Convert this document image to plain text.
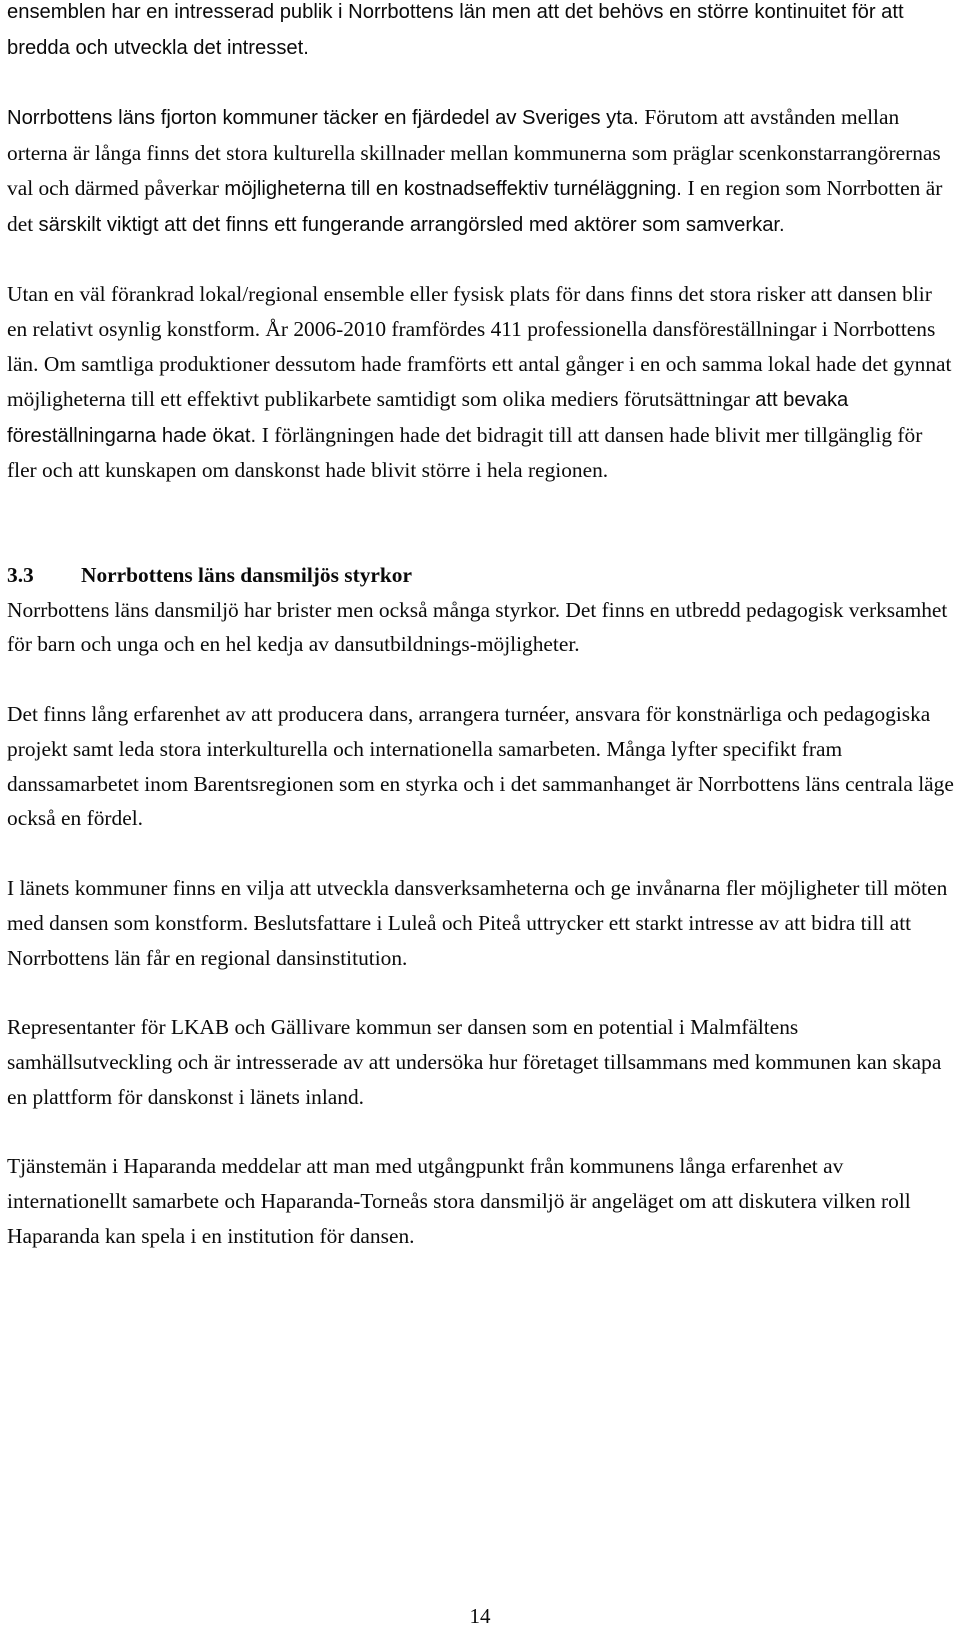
ensemblen har en intresserad publik i Norrbottens län men att det behövs en större kontinuitet för att bredda och utveckla det intresset.

Norrbottens läns fjorton kommuner täcker en fjärdedel av Sveriges yta. Förutom att avstånden mellan orterna är långa finns det stora kulturella skillnader mellan kommunerna som präglar scenkonstarrangörernas val och därmed påverkar möjligheterna till en kostnadseffektiv turnéläggning. I en region som Norrbotten är det särskilt viktigt att det finns ett fungerande arrangörsled med aktörer som samverkar.

Utan en väl förankrad lokal/regional ensemble eller fysisk plats för dans finns det stora risker att dansen blir en relativt osynlig konstform. År 2006-2010 framfördes 411 professionella dansföreställningar i Norrbottens län. Om samtliga produktioner dessutom hade framförts ett antal gånger i en och samma lokal hade det gynnat möjligheterna till ett effektivt publikarbete samtidigt som olika mediers förutsättningar att bevaka föreställningarna hade ökat. I förlängningen hade det bidragit till att dansen hade blivit mer tillgänglig för fler och att kunskapen om danskonst hade blivit större i hela regionen.

3.3	Norrbottens läns dansmiljös styrkor

Norrbottens läns dansmiljö har brister men också många styrkor. Det finns en utbredd pedagogisk verksamhet för barn och unga och en hel kedja av dansutbildnings-möjligheter.

Det finns lång erfarenhet av att producera dans, arrangera turnéer, ansvara för konstnärliga och pedagogiska projekt samt leda stora interkulturella och internationella samarbeten. Många lyfter specifikt fram danssamarbetet inom Barentsregionen som en styrka och i det sammanhanget är Norrbottens läns centrala läge också en fördel.

I länets kommuner finns en vilja att utveckla dansverksamheterna och ge invånarna fler möjligheter till möten med dansen som konstform. Beslutsfattare i Luleå och Piteå uttrycker ett starkt intresse av att bidra till att Norrbottens län får en regional dansinstitution.

Representanter för LKAB och Gällivare kommun ser dansen som en potential i Malmfältens samhällsutveckling och är intresserade av att undersöka hur företaget tillsammans med kommunen kan skapa en plattform för danskonst i länets inland.

Tjänstemän i Haparanda meddelar att man med utgångpunkt från kommunens långa erfarenhet av internationellt samarbete och Haparanda-Torneås stora dansmiljö är angeläget om att diskutera vilken roll Haparanda kan spela i en institution för dansen.

14
